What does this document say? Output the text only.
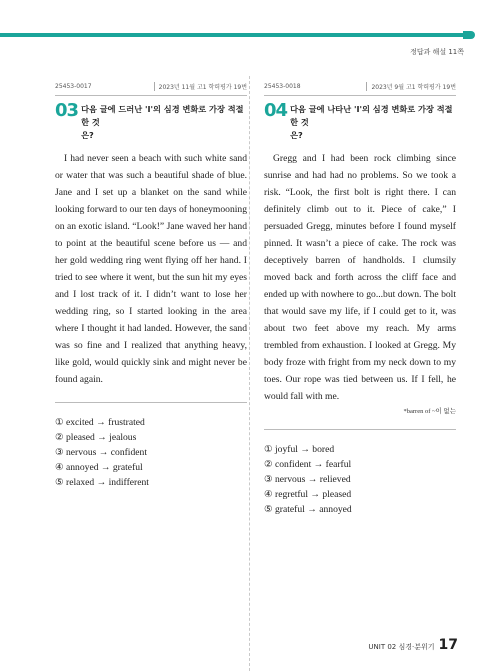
정답과 해설 11쪽
25453-0017	2023년 11월 고1 학력평가 19번
03 다음 글에 드러난 'I'의 심경 변화로 가장 적절한 것
은?
I had never seen a beach with such white sand or water that was such a beautiful shade of blue. Jane and I set up a blanket on the sand while looking forward to our ten days of honeymooning on an exotic island. “Look!” Jane waved her hand to point at the beautiful scene before us — and her gold wedding ring went flying off her hand. I tried to see where it went, but the sun hit my eyes and I lost track of it. I didn’t want to lose her wedding ring, so I started looking in the area where I thought it had landed. However, the sand was so fine and I realized that anything heavy, like gold, would quickly sink and might never be found again.
① excited → frustrated
② pleased → jealous
③ nervous → confident
④ annoyed → grateful
⑤ relaxed → indifferent
25453-0018	2023년 9월 고1 학력평가 19번
04 다음 글에 나타난 'I'의 심경 변화로 가장 적절한 것
은?
Gregg and I had been rock climbing since sunrise and had had no problems. So we took a risk. “Look, the first bolt is right there. I can definitely climb out to it. Piece of cake,” I persuaded Gregg, minutes before I found myself pinned. It wasn’t a piece of cake. The rock was deceptively barren of handholds. I clumsily moved back and forth across the cliff face and ended up with nowhere to go...but down. The bolt that would save my life, if I could get to it, was about two feet above my reach. My arms trembled from exhaustion. I looked at Gregg. My body froze with fright from my neck down to my toes. Our rope was tied between us. If I fell, he would fall with me.
*barren of ~이 없는
① joyful → bored
② confident → fearful
③ nervous → relieved
④ regretful → pleased
⑤ grateful → annoyed
UNIT 02 심경·분위기 17
